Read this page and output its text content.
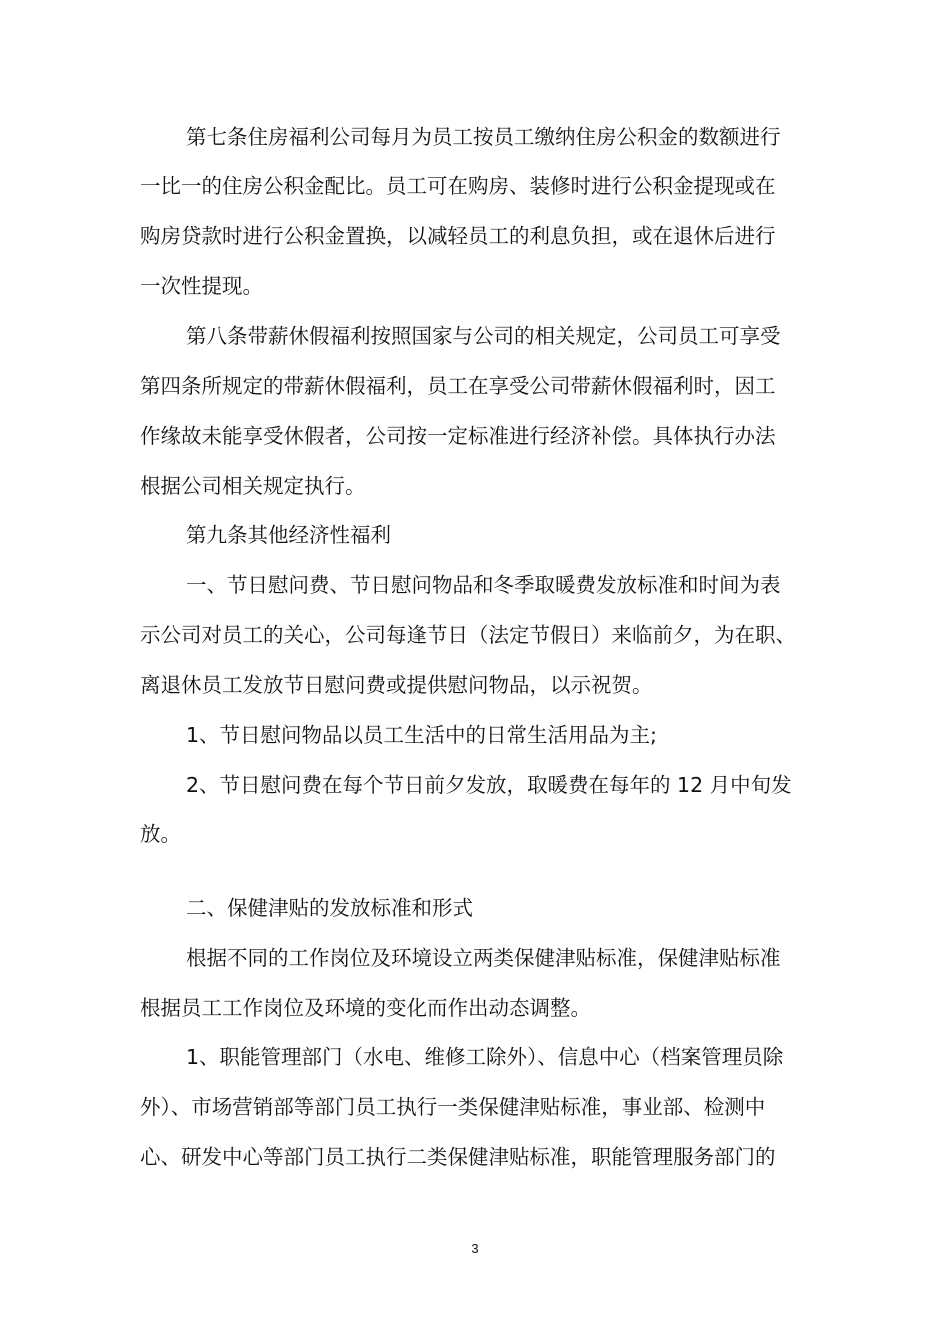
第七条住房福利公司每月为员工按员工缴纳住房公积金的数额进行
一比一的住房公积金配比。员工可在购房、装修时进行公积金提现或在
购房贷款时进行公积金置换，以减轻员工的利息负担，或在退休后进行
一次性提现。
第八条带薪休假福利按照国家与公司的相关规定，公司员工可享受
第四条所规定的带薪休假福利，员工在享受公司带薪休假福利时，因工
作缘故未能享受休假者，公司按一定标准进行经济补偿。具体执行办法
根据公司相关规定执行。
第九条其他经济性福利
一、节日慰问费、节日慰问物品和冬季取暖费发放标准和时间为表
示公司对员工的关心，公司每逢节日（法定节假日）来临前夕，为在职、
离退休员工发放节日慰问费或提供慰问物品，以示祝贺。
1、节日慰问物品以员工生活中的日常生活用品为主;
2、节日慰问费在每个节日前夕发放，取暖费在每年的 12 月中旬发
放。
二、保健津贴的发放标准和形式
根据不同的工作岗位及环境设立两类保健津贴标准，保健津贴标准
根据员工工作岗位及环境的变化而作出动态调整。
1、职能管理部门（水电、维修工除外）、信息中心（档案管理员除
外）、市场营销部等部门员工执行一类保健津贴标准，事业部、检测中
心、研发中心等部门员工执行二类保健津贴标准，职能管理服务部门的
3
